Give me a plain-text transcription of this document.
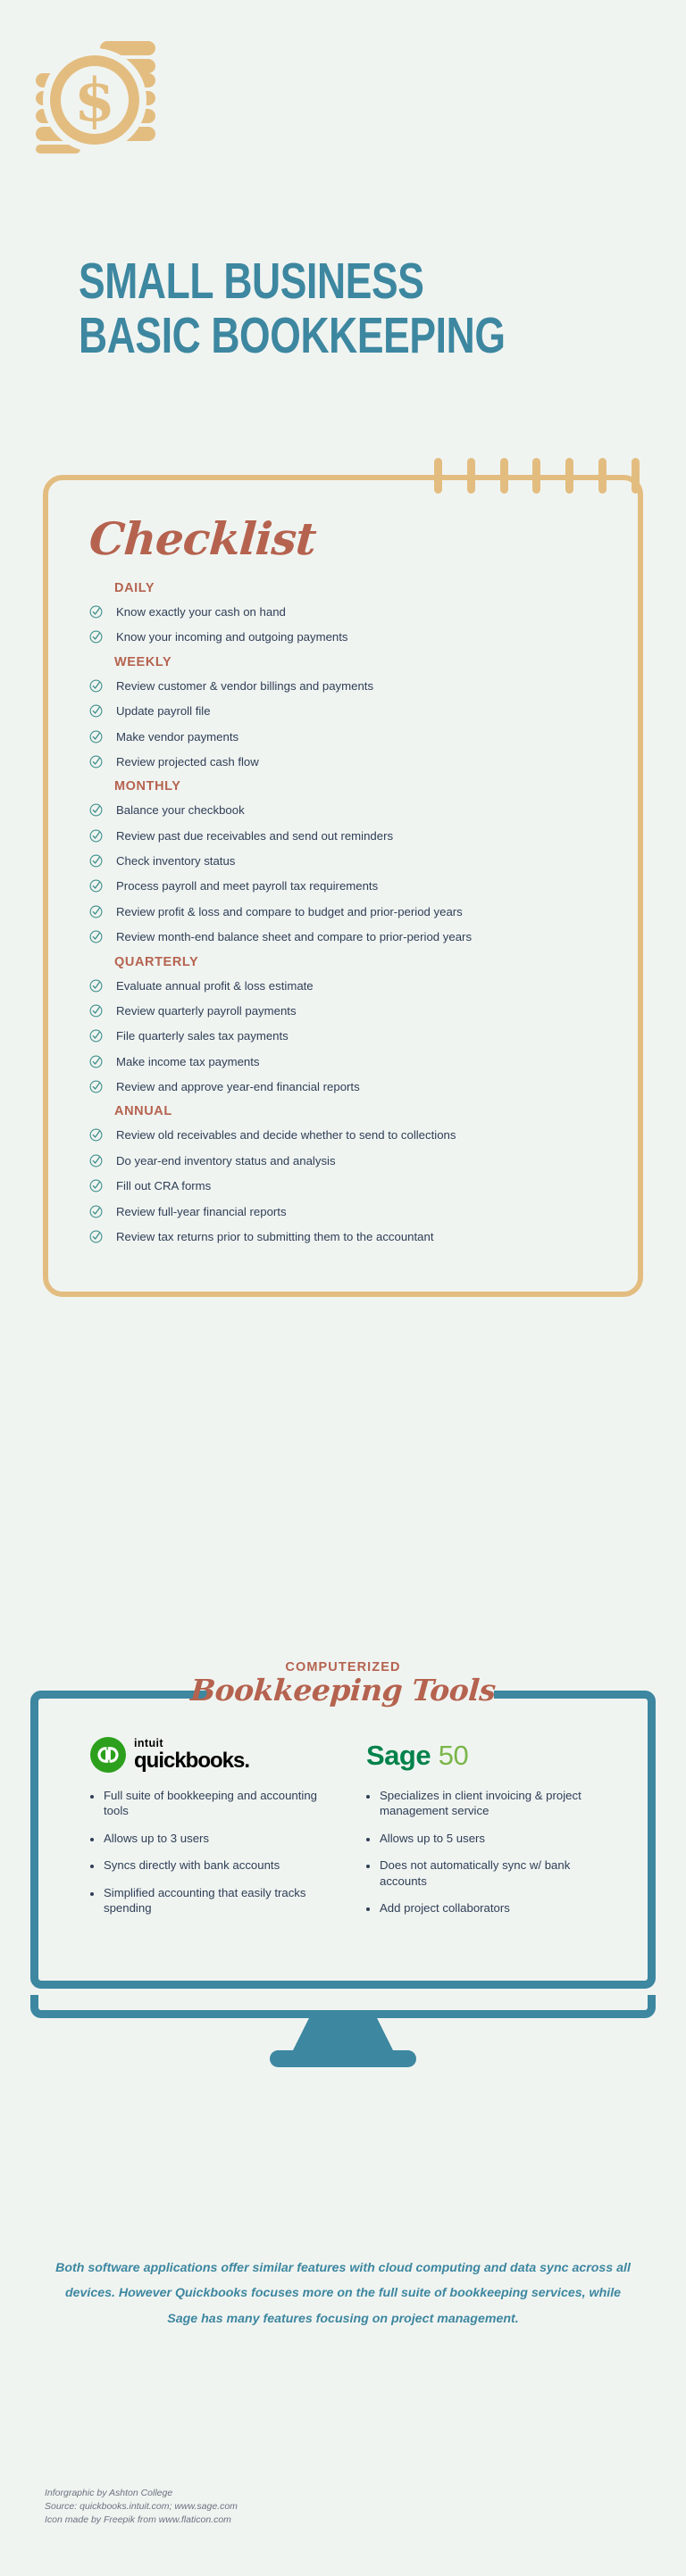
$
SMALL BUSINESS
BASIC BOOKKEEPING
Checklist
DAILY
Know exactly your cash on hand
Know your incoming and outgoing payments
WEEKLY
Review customer & vendor billings and payments
Update payroll file
Make vendor payments
Review projected cash flow
MONTHLY
Balance your checkbook
Review past due receivables and send out reminders
Check inventory status
Process payroll and meet payroll tax requirements
Review profit & loss and compare to budget and prior-period years
Review month-end balance sheet and compare to prior-period years
QUARTERLY
Evaluate annual profit & loss estimate
Review quarterly payroll payments
File quarterly sales tax payments
Make income tax payments
Review and approve year-end financial reports
ANNUAL
Review old receivables and decide whether to send to collections
Do year-end inventory status and analysis
Fill out CRA forms
Review full-year financial reports
Review tax returns prior to submitting them to the accountant
COMPUTERIZED
Bookkeeping Tools
intuit
quickbooks.
Full suite of bookkeeping and accounting tools
Allows up to 3 users
Syncs directly with bank accounts
Simplified accounting that easily tracks spending
Sage 50
Specializes in client invoicing & project management service
Allows up to 5 users
Does not automatically sync w/ bank accounts
Add project collaborators
Both software applications offer similar features with cloud computing and data sync across all devices. However Quickbooks focuses more on the full suite of bookkeeping services, while Sage has many features focusing on project management.
Inforgraphic by Ashton College
Source: quickbooks.intuit.com; www.sage.com
Icon made by Freepik from www.flaticon.com
